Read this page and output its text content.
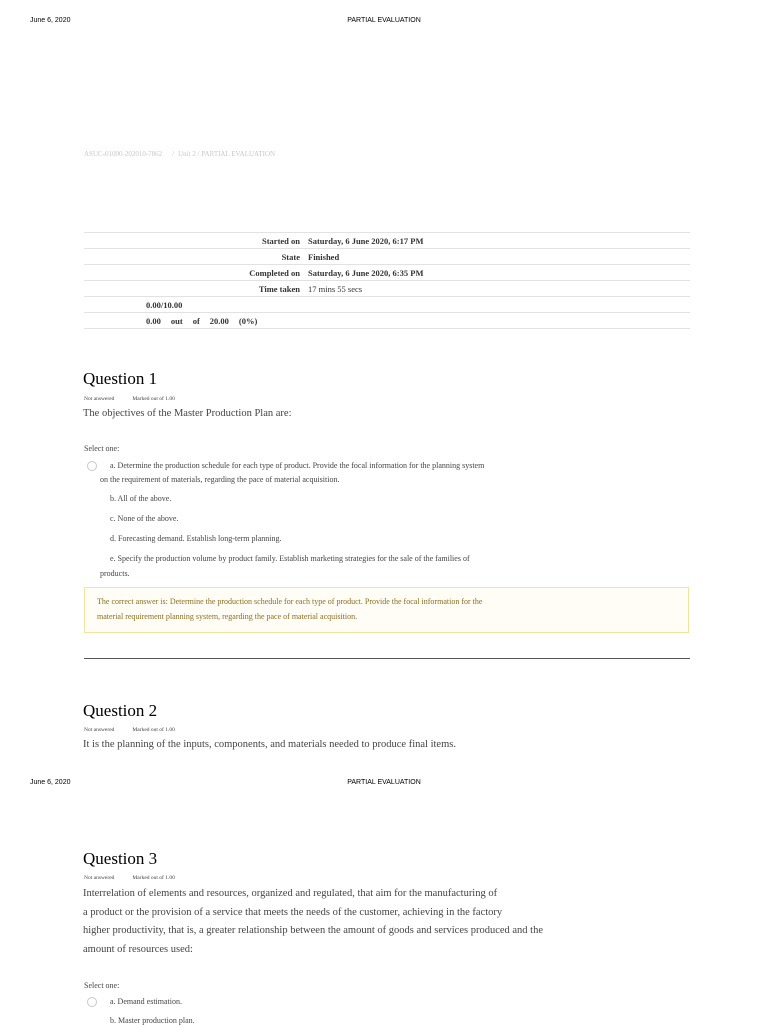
June 6, 2020	PARTIAL EVALUATION
ASUC-01000-202010-7862 / Unit 2 / PARTIAL EVALUATION
Started on	Saturday, 6 June 2020, 6:17 PM
State	Finished
Completed on	Saturday, 6 June 2020, 6:35 PM
Time taken	17 mins 55 secs
0.00/10.00	
0.00 out of 20.00 (0%)	
Question 1
Not answered	Marked out of 1.00
The objectives of the Master Production Plan are:
Select one:
a. Determine the production schedule for each type of product. Provide the focal information for the planning system
on the requirement of materials, regarding the pace of material acquisition.
b. All of the above.
c. None of the above.
d. Forecasting demand. Establish long-term planning.
e. Specify the production volume by product family. Establish marketing strategies for the sale of the families of
products.
The correct answer is: Determine the production schedule for each type of product. Provide the focal information for the
material requirement planning system, regarding the pace of material acquisition.
Question 2
Not answered	Marked out of 1.00
It is the planning of the inputs, components, and materials needed to produce final items.
June 6, 2020	PARTIAL EVALUATION
Question 3
Not answered	Marked out of 1.00
Interrelation of elements and resources, organized and regulated, that aim for the manufacturing of
a product or the provision of a service that meets the needs of the customer, achieving in the factory
higher productivity, that is, a greater relationship between the amount of goods and services produced and the
amount of resources used:
Select one:
a. Demand estimation.
b. Master production plan.
